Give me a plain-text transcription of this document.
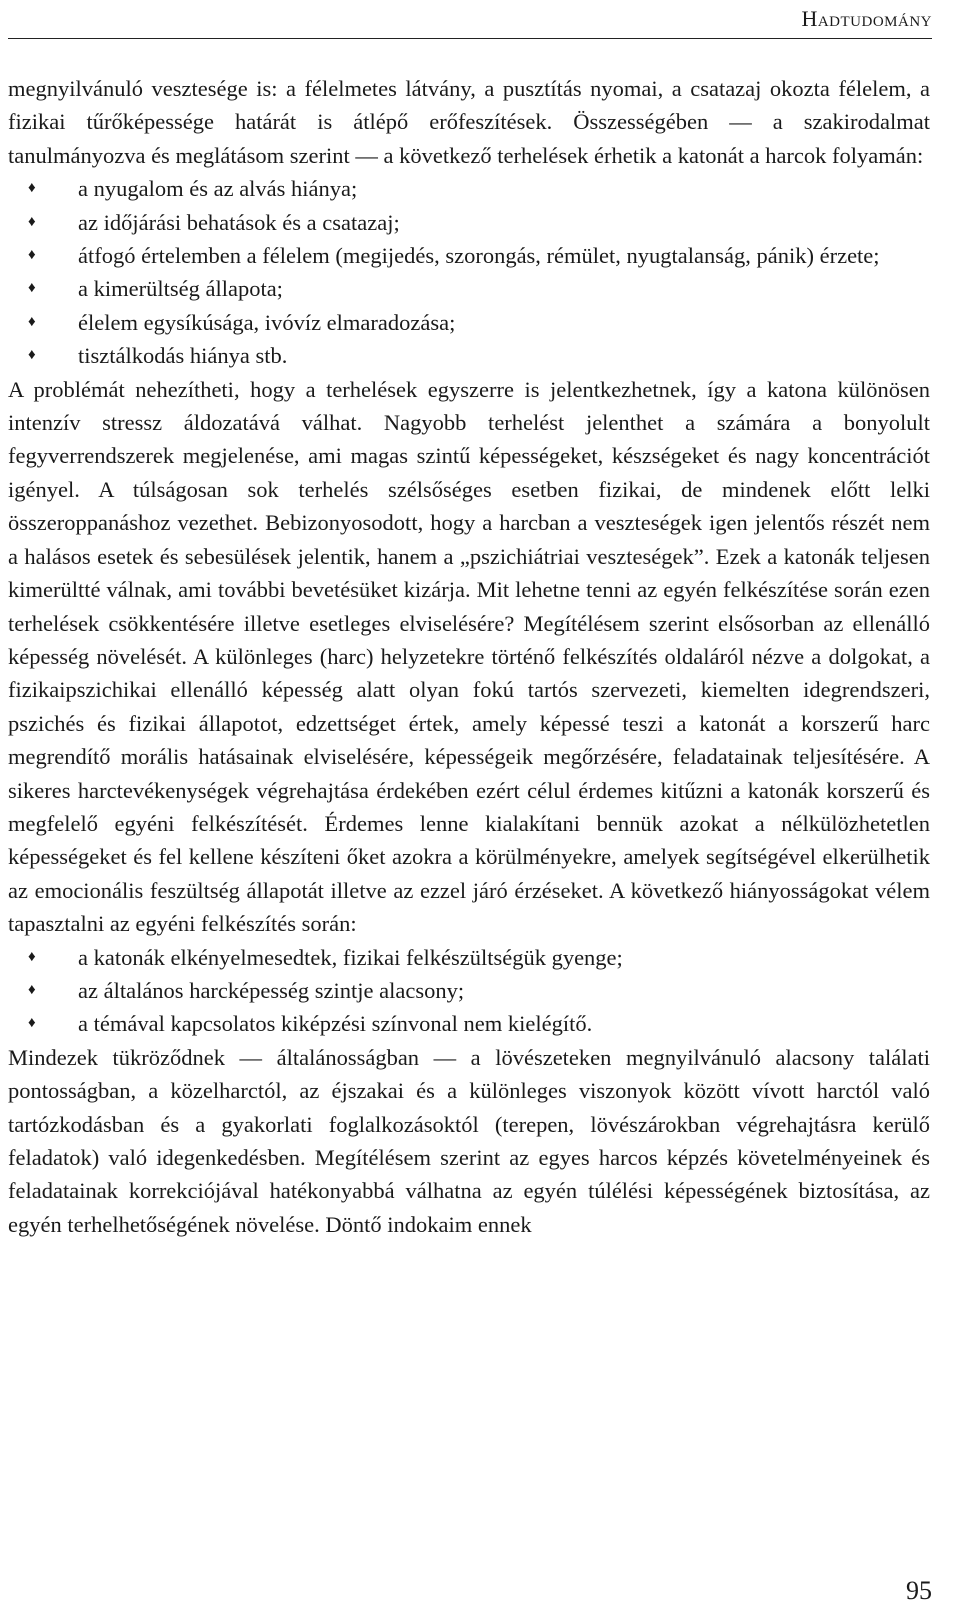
Hadtudomány

megnyilvánuló vesztesége is: a félelmetes látvány, a pusztítás nyomai, a csatazaj okozta félelem, a fizikai tűrőképessége határát is átlépő erőfeszítések. Összességében — a szakirodalmat tanulmányozva és meglátásom szerint — a következő terhelések érhetik a katonát a harcok folyamán:

♦ a nyugalom és az alvás hiánya;
♦ az időjárási behatások és a csatazaj;
♦ átfogó értelemben a félelem (megijedés, szorongás, rémület, nyugtalanság, pánik) érzete;
♦ a kimerültség állapota;
♦ élelem egysíkúsága, ivóvíz elmaradozása;
♦ tisztálkodás hiánya stb.

A problémát nehezítheti, hogy a terhelések egyszerre is jelentkezhetnek, így a katona különösen intenzív stressz áldozatává válhat. Nagyobb terhelést jelenthet a számára a bonyolult fegyverrendszerek megjelenése, ami magas szintű képességeket, készségeket és nagy koncentrációt igényel. A túlságosan sok terhelés szélsőséges esetben fizikai, de mindenek előtt lelki összeroppanáshoz vezethet. Bebizonyosodott, hogy a harcban a veszteségek igen jelentős részét nem a halásos esetek és sebesülések jelentik, hanem a „pszichiátriai veszteségek”. Ezek a katonák teljesen kimerültté válnak, ami további bevetésüket kizárja. Mit lehetne tenni az egyén felkészítése során ezen terhelések csökkentésére illetve esetleges elviselésére? Megítélésem szerint elsősorban az ellenálló képesség növelését. A különleges (harc) helyzetekre történő felkészítés oldaláról nézve a dolgokat, a fizikaipszichikai ellenálló képesség alatt olyan fokú tartós szervezeti, kiemelten idegrendszeri, pszichés és fizikai állapotot, edzettséget értek, amely képessé teszi a katonát a korszerű harc megrendítő morális hatásainak elviselésére, képességeik megőrzésére, feladatainak teljesítésére. A sikeres harctevékenységek végrehajtása érdekében ezért célul érdemes kitűzni a katonák korszerű és megfelelő egyéni felkészítését. Érdemes lenne kialakítani bennük azokat a nélkülözhetetlen képességeket és fel kellene készíteni őket azokra a körülményekre, amelyek segítségével elkerülhetik az emocionális feszültség állapotát illetve az ezzel járó érzéseket. A következő hiányosságokat vélem tapasztalni az egyéni felkészítés során:

♦ a katonák elkényelmesedtek, fizikai felkészültségük gyenge;
♦ az általános harcképesség szintje alacsony;
♦ a témával kapcsolatos kiképzési színvonal nem kielégítő.

Mindezek tükröződnek — általánosságban — a lövészeteken megnyilvánuló alacsony találati pontosságban, a közelharctól, az éjszakai és a különleges viszonyok között vívott harctól való tartózkodásban és a gyakorlati foglalkozásoktól (terepen, lövészárokban végrehajtásra kerülő feladatok) való idegenkedésben. Megítélésem szerint az egyes harcos képzés követelményeinek és feladatainak korrekciójával hatékonyabbá válhatna az egyén túlélési képességének biztosítása, az egyén terhelhetőségének növelése. Döntő indokaim ennek

95
